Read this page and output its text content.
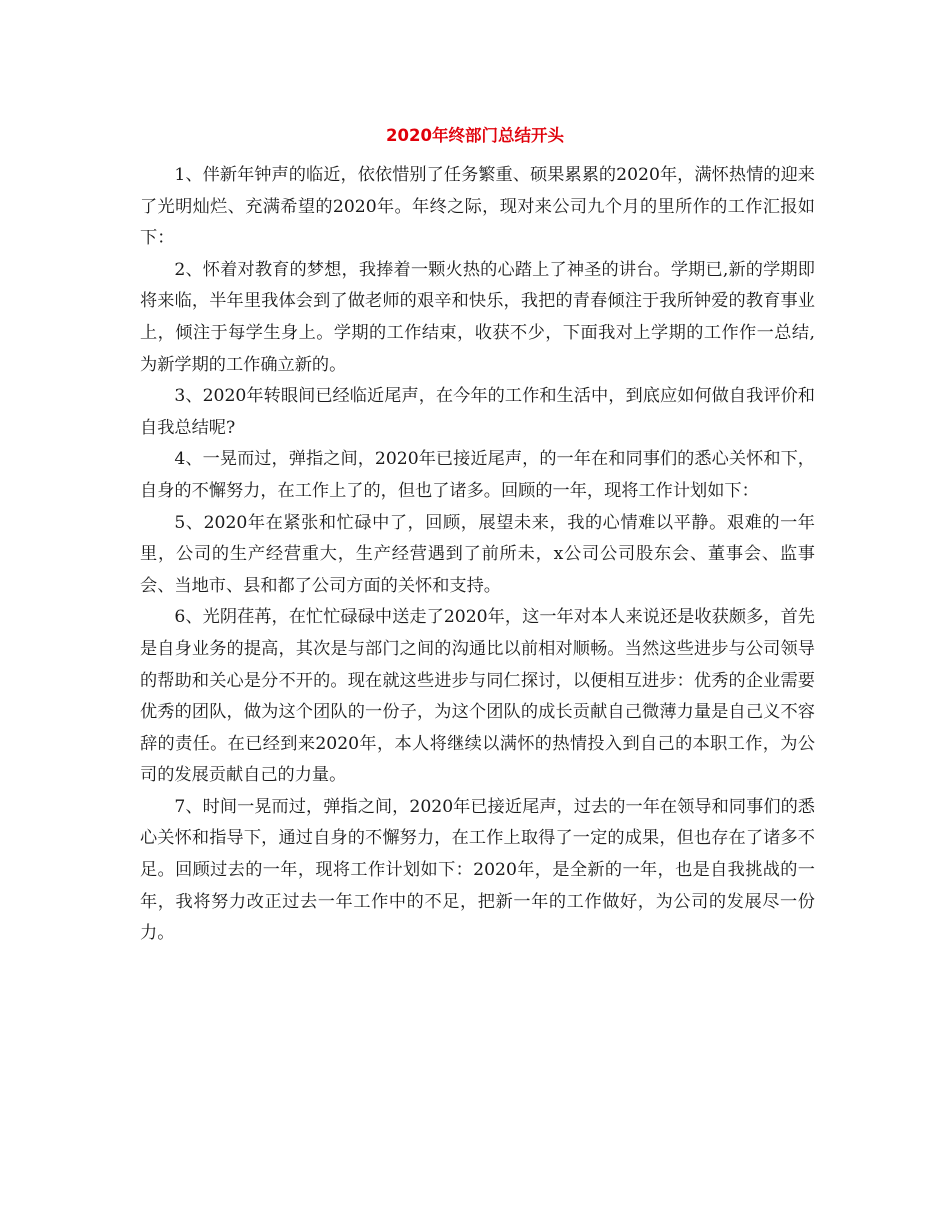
2020年终部门总结开头

1、伴新年钟声的临近，依依惜别了任务繁重、硕果累累的2020年，满怀热情的迎来了光明灿烂、充满希望的2020年。年终之际，现对来公司九个月的里所作的工作汇报如下：

2、怀着对教育的梦想，我捧着一颗火热的心踏上了神圣的讲台。学期已,新的学期即将来临，半年里我体会到了做老师的艰辛和快乐，我把的青春倾注于我所钟爱的教育事业上，倾注于每学生身上。学期的工作结束，收获不少，下面我对上学期的工作作一总结,为新学期的工作确立新的。

3、2020年转眼间已经临近尾声，在今年的工作和生活中，到底应如何做自我评价和自我总结呢?

4、一晃而过，弹指之间，2020年已接近尾声，的一年在和同事们的悉心关怀和下，自身的不懈努力，在工作上了的，但也了诸多。回顾的一年，现将工作计划如下：

5、2020年在紧张和忙碌中了，回顾，展望未来，我的心情难以平静。艰难的一年里，公司的生产经营重大，生产经营遇到了前所未，x公司公司股东会、董事会、监事会、当地市、县和都了公司方面的关怀和支持。

6、光阴荏苒，在忙忙碌碌中送走了2020年，这一年对本人来说还是收获颇多，首先是自身业务的提高，其次是与部门之间的沟通比以前相对顺畅。当然这些进步与公司领导的帮助和关心是分不开的。现在就这些进步与同仁探讨，以便相互进步：优秀的企业需要优秀的团队，做为这个团队的一份子，为这个团队的成长贡献自己微薄力量是自己义不容辞的责任。在已经到来2020年，本人将继续以满怀的热情投入到自己的本职工作，为公司的发展贡献自己的力量。

7、时间一晃而过，弹指之间，2020年已接近尾声，过去的一年在领导和同事们的悉心关怀和指导下，通过自身的不懈努力，在工作上取得了一定的成果，但也存在了诸多不足。回顾过去的一年，现将工作计划如下：2020年，是全新的一年，也是自我挑战的一年，我将努力改正过去一年工作中的不足，把新一年的工作做好，为公司的发展尽一份力。
